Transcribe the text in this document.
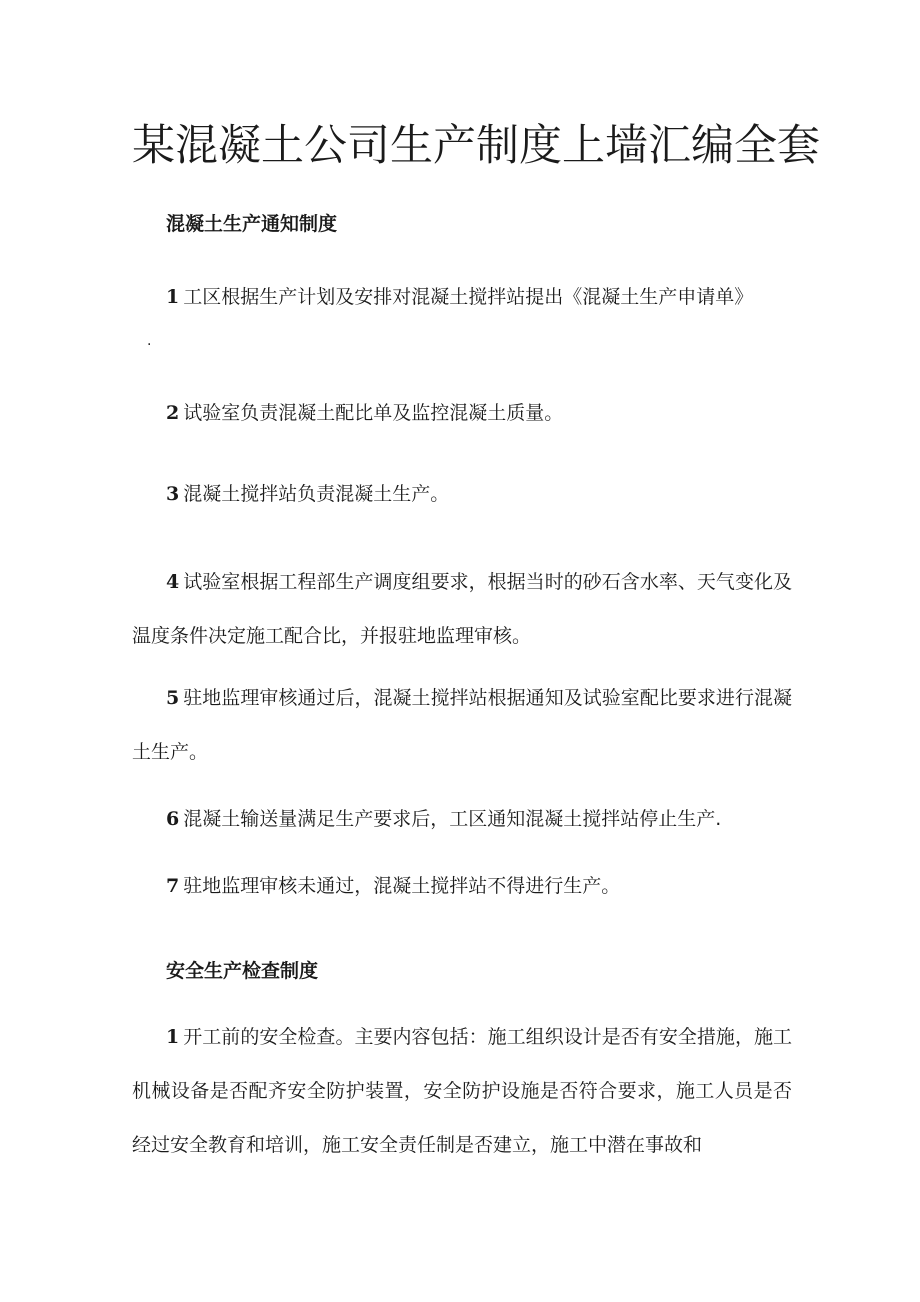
某混凝土公司生产制度上墙汇编全套
混凝土生产通知制度

1 工区根据生产计划及安排对混凝土搅拌站提出《混凝土生产申请单》

.

2 试验室负责混凝土配比单及监控混凝土质量。

3 混凝土搅拌站负责混凝土生产。

4 试验室根据工程部生产调度组要求，根据当时的砂石含水率、天气变化及温度条件决定施工配合比，并报驻地监理审核。

5 驻地监理审核通过后，混凝土搅拌站根据通知及试验室配比要求进行混凝土生产。

6 混凝土输送量满足生产要求后，工区通知混凝土搅拌站停止生产.

7 驻地监理审核未通过，混凝土搅拌站不得进行生产。

安全生产检查制度

1 开工前的安全检查。主要内容包括：施工组织设计是否有安全措施，施工机械设备是否配齐安全防护装置，安全防护设施是否符合要求，施工人员是否经过安全教育和培训，施工安全责任制是否建立，施工中潜在事故和
